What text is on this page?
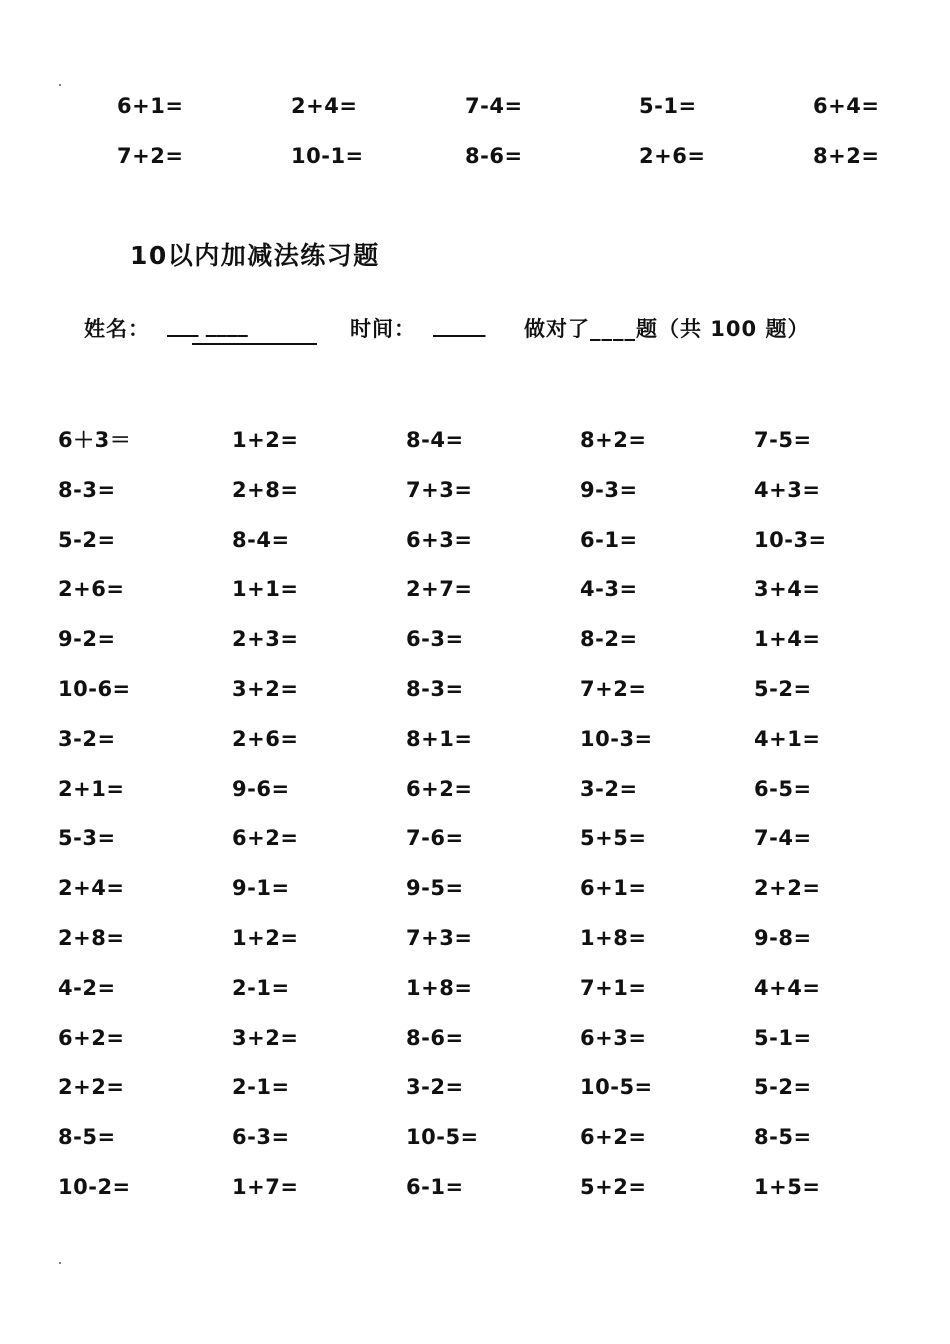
6+1=	2+4=	7-4=	5-1=	6+4=
7+2=	10-1=	8-6=	2+6=	8+2=
10以内加减法练习题
姓名： ___ ____	时间： _____ 做对了____题（共 100 题）
6＋3＝	1+2=	8-4=	8+2=	7-5=
8-3=	2+8=	7+3=	9-3=	4+3=
5-2=	8-4=	6+3=	6-1=	10-3=
2+6=	1+1=	2+7=	4-3=	3+4=
9-2=	2+3=	6-3=	8-2=	1+4=
10-6=	3+2=	8-3=	7+2=	5-2=
3-2=	2+6=	8+1=	10-3=	4+1=
2+1=	9-6=	6+2=	3-2=	6-5=
5-3=	6+2=	7-6=	5+5=	7-4=
2+4=	9-1=	9-5=	6+1=	2+2=
2+8=	1+2=	7+3=	1+8=	9-8=
4-2=	2-1=	1+8=	7+1=	4+4=
6+2=	3+2=	8-6=	6+3=	5-1=
2+2=	2-1=	3-2=	10-5=	5-2=
8-5=	6-3=	10-5=	6+2=	8-5=
10-2=	1+7=	6-1=	5+2=	1+5=
